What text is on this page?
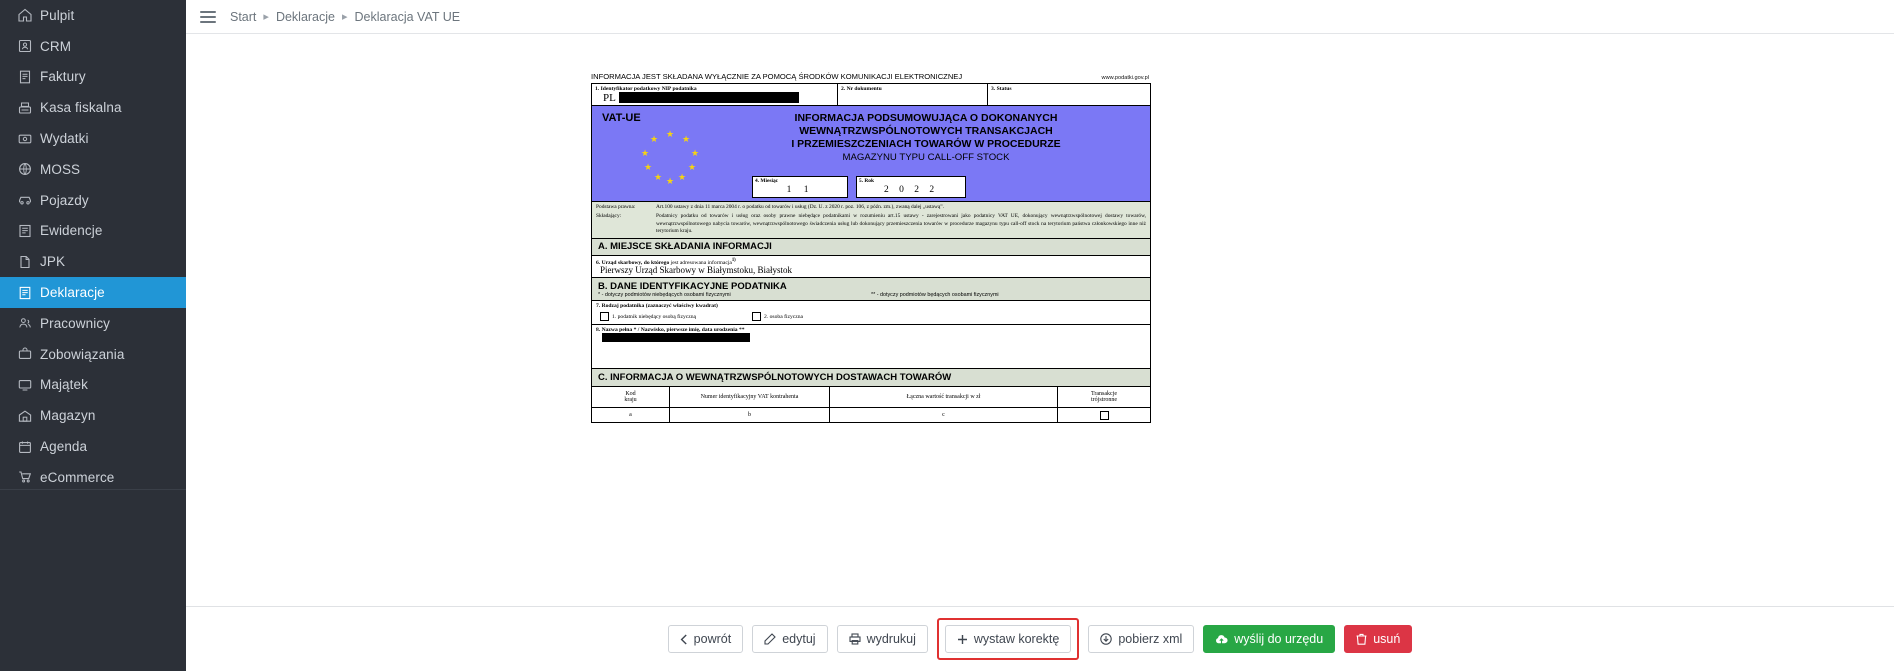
Pulpit
CRM
Faktury
Kasa fiskalna
Wydatki
MOSS
Pojazdy
Ewidencje
JPK
Deklaracje
Pracownicy
Zobowiązania
Majątek
Magazyn
Agenda
eCommerce
Start ▸ Deklaracje ▸ Deklaracja VAT UE
INFORMACJA JEST SKŁADANA WYŁĄCZNIE ZA POMOCĄ ŚRODKÓW KOMUNIKACJI ELEKTRONICZNEJ	www.podatki.gov.pl
1. Identyfikator podatkowy NIP podatnika
PL
2. Nr dokumentu	3. Status
VAT-UE
★
★	★
★	★
★	★
★ ★
★
INFORMACJA PODSUMOWUJĄCA O DOKONANYCH
WEWNĄTRZWSPÓLNOTOWYCH TRANSAKCJACH
I PRZEMIESZCZENIACH TOWARÓW W PROCEDURZE
MAGAZYNU TYPU CALL-OFF STOCK
4. Miesiąc
1 1
5. Rok
2 0 2 2
Podstawa prawna:	Art.100 ustawy z dnia 11 marca 2004 r. o podatku od towarów i usług (Dz. U. z 2020 r. poz. 106, z późn. zm.), zwaną dalej „ustawą”.
Składający:	Podatnicy podatku od towarów i usług oraz osoby prawne niebędące podatnikami w rozumieniu art.15 ustawy - zarejestrowani jako podatnicy VAT UE, dokonujący wewnątrzwspólnotowej dostawy towarów, wewnątrzwspólnotowego nabycia towarów, wewnątrzwspólnotowego świadczenia usług lub dokonujący przemieszczenia towarów w procedurze magazynu typu call-off stock na terytorium państwa członkowskiego inne niż terytorium kraju.
A. MIEJSCE SKŁADANIA INFORMACJI
6. Urząd skarbowy, do którego jest adresowana informacja$^{1)}$
Pierwszy Urząd Skarbowy w Białymstoku, Białystok
B. DANE IDENTYFIKACYJNE PODATNIKA
* - dotyczy podmiotów niebędących osobami fizycznymi	** - dotyczy podmiotów będących osobami fizycznymi
7. Rodzaj podatnika (zaznaczyć właściwy kwadrat)
1. podatnik niebędący osobą fizyczną	2. osoba fizyczna
8. Nazwa pełna * / Nazwisko, pierwsze imię, data urodzenia **
C. INFORMACJA O WEWNĄTRZWSPÓLNOTOWYCH DOSTAWACH TOWARÓW
Kod
kraju	Numer identyfikacyjny VAT kontrahenta	Łączna wartość transakcji w zł	Transakcje
trójstronne
a	b	c
powrót	edytuj	wydrukuj	wystaw korektę	pobierz xml	wyślij do urzędu	usuń
